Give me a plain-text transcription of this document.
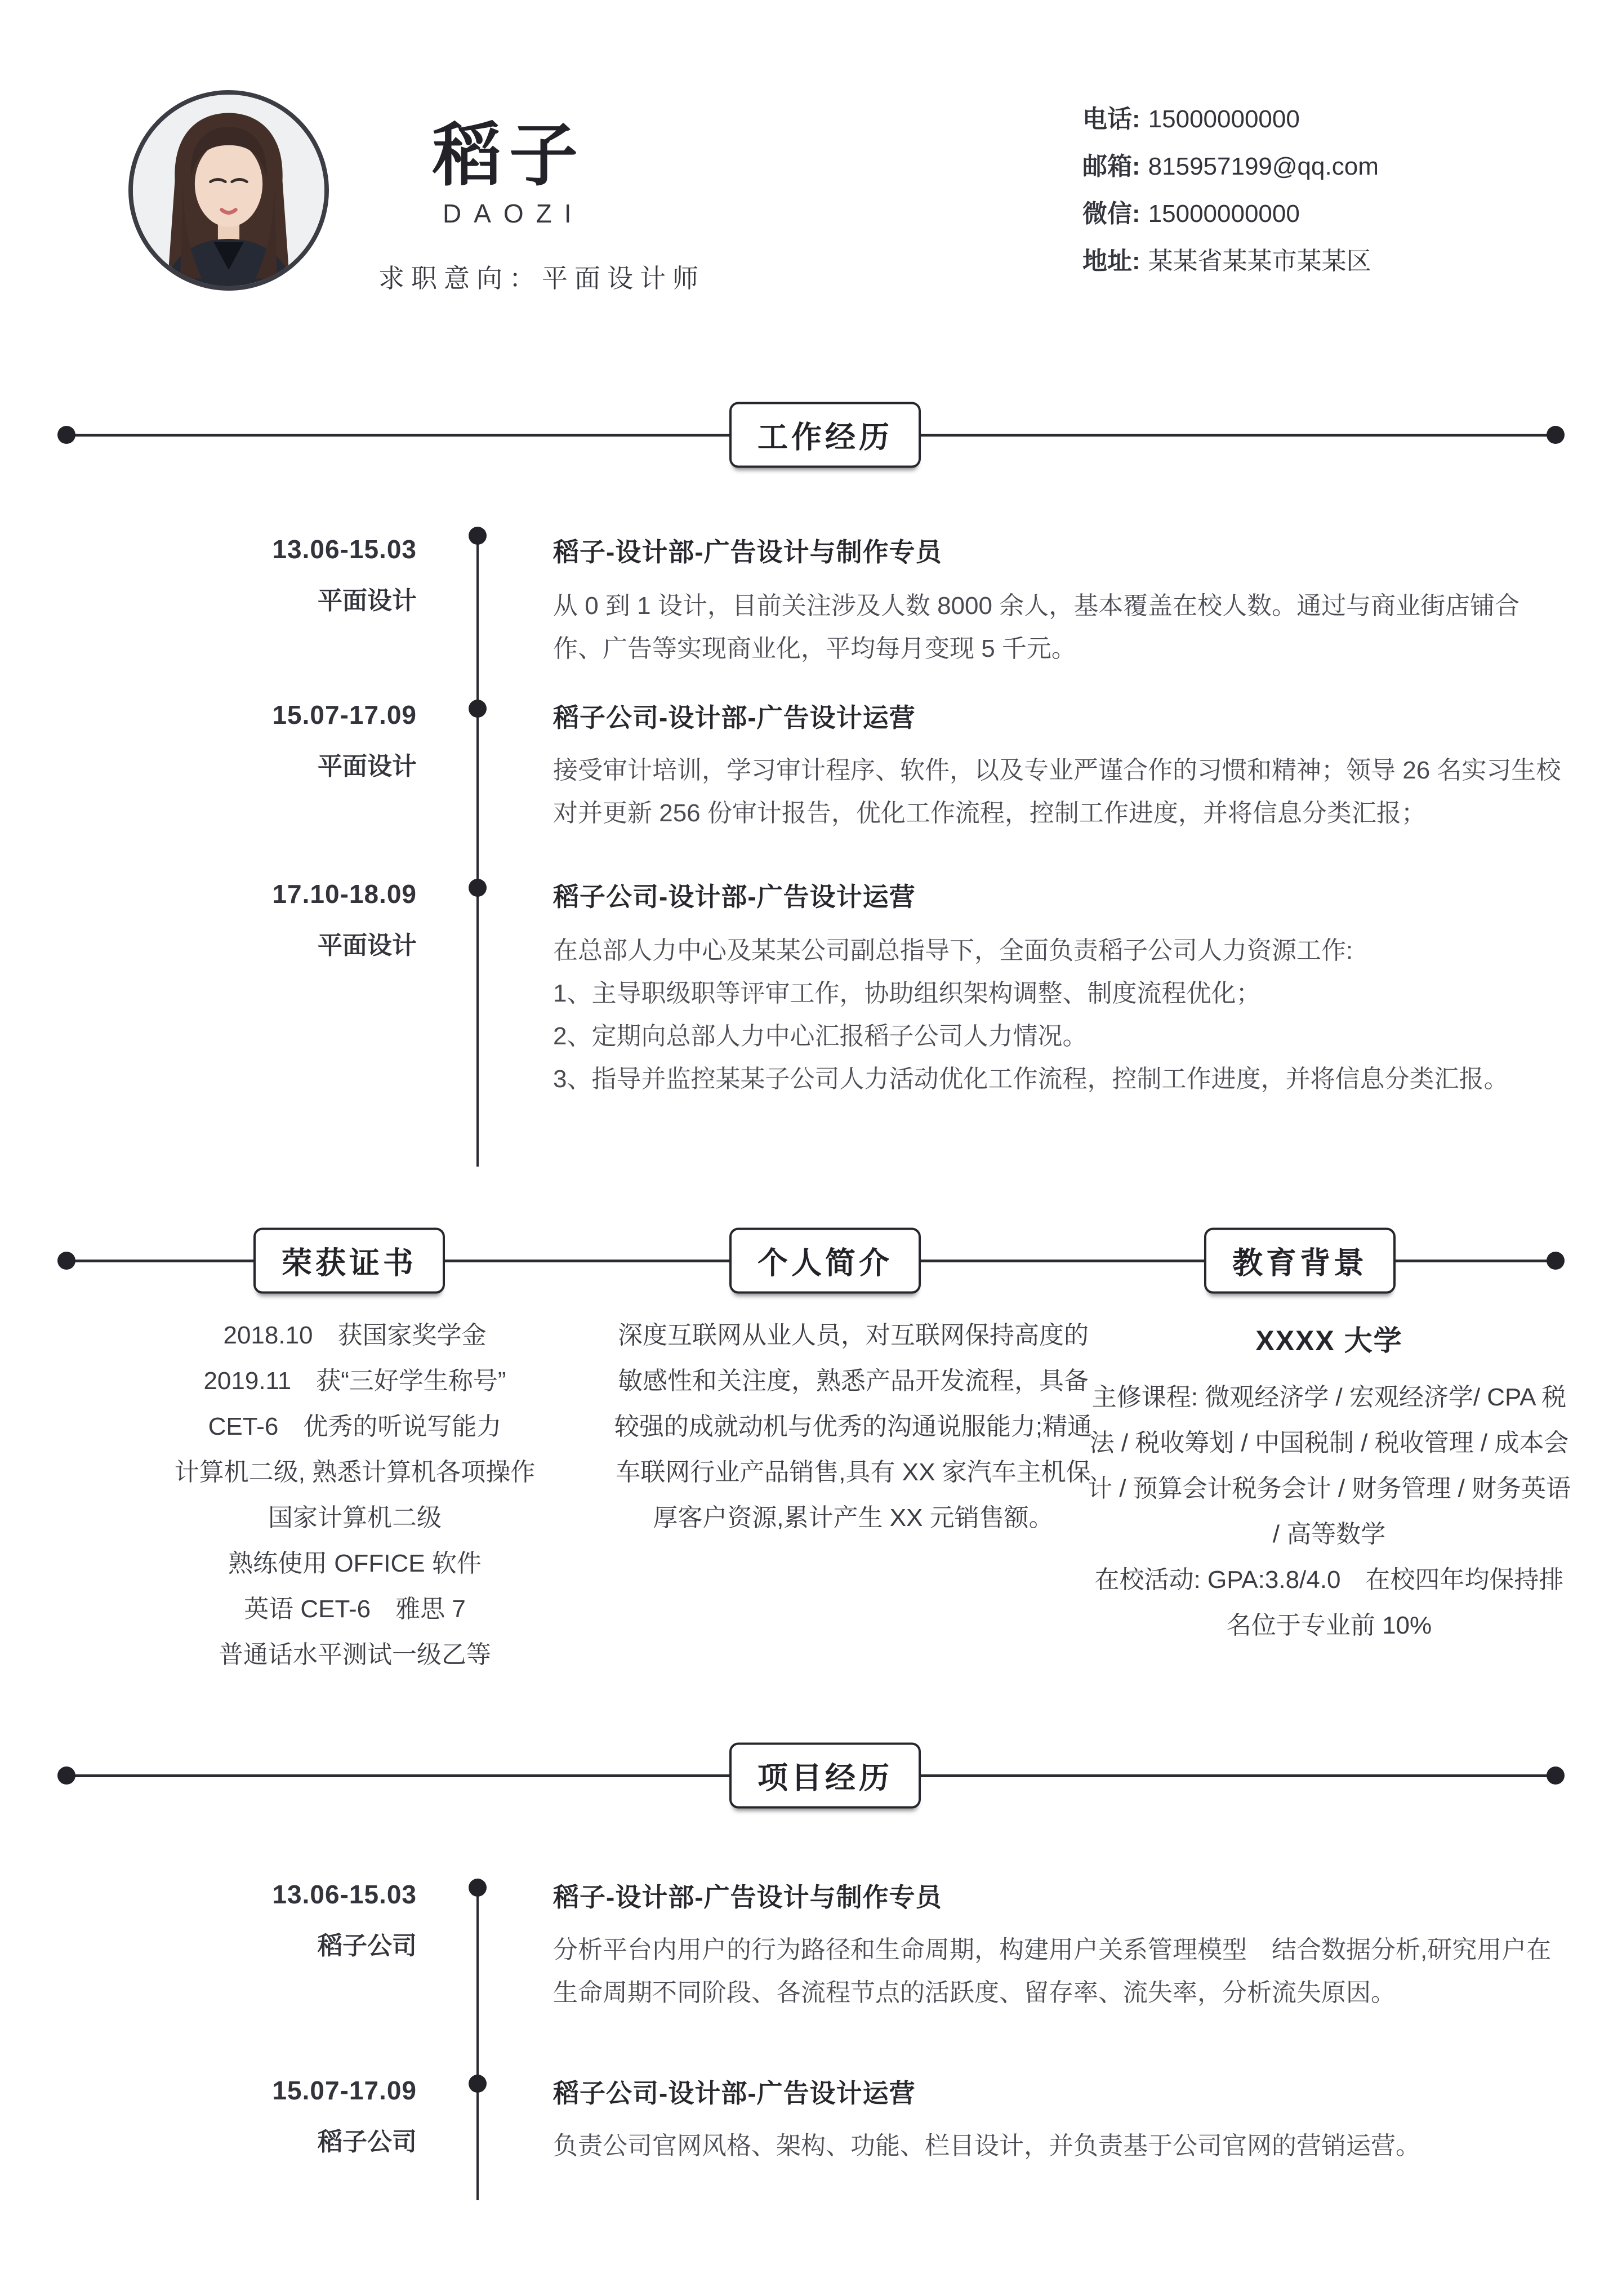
稻子
DAOZI
求职意向：平面设计师
电话: 15000000000
邮箱: 815957199@qq.com
微信: 15000000000
地址: 某某省某某市某某区
工作经历
13.06-15.03
平面设计
稻子-设计部-广告设计与制作专员
从 0 到 1 设计，目前关注涉及人数 8000 余人，基本覆盖在校人数。通过与商业街店铺合作、广告等实现商业化，平均每月变现 5 千元。
15.07-17.09
平面设计
稻子公司-设计部-广告设计运营
接受审计培训，学习审计程序、软件，以及专业严谨合作的习惯和精神；领导 26 名实习生校对并更新 256 份审计报告，优化工作流程，控制工作进度，并将信息分类汇报；
17.10-18.09
平面设计
稻子公司-设计部-广告设计运营
在总部人力中心及某某公司副总指导下，全面负责稻子公司人力资源工作:
1、主导职级职等评审工作，协助组织架构调整、制度流程优化；
2、定期向总部人力中心汇报稻子公司人力情况。
3、指导并监控某某子公司人力活动优化工作流程，控制工作进度，并将信息分类汇报。
荣获证书	个人简介	教育背景
2018.10　获国家奖学金
2019.11　获“三好学生称号”
CET-6　优秀的听说写能力
计算机二级, 熟悉计算机各项操作
国家计算机二级
熟练使用 OFFICE 软件
英语 CET-6　雅思 7
普通话水平测试一级乙等
深度互联网从业人员，对互联网保持高度的敏感性和关注度，熟悉产品开发流程，具备较强的成就动机与优秀的沟通说服能力;精通车联网行业产品销售,具有 XX 家汽车主机保厚客户资源,累计产生 XX 元销售额。
XXXX 大学
主修课程: 微观经济学 / 宏观经济学/ CPA 税法 / 税收筹划 / 中国税制 / 税收管理 / 成本会计 / 预算会计税务会计 / 财务管理 / 财务英语 / 高等数学
在校活动: GPA:3.8/4.0　在校四年均保持排名位于专业前 10%
项目经历
13.06-15.03
稻子公司
稻子-设计部-广告设计与制作专员
分析平台内用户的行为路径和生命周期，构建用户关系管理模型　结合数据分析,研究用户在生命周期不同阶段、各流程节点的活跃度、留存率、流失率，分析流失原因。
15.07-17.09
稻子公司
稻子公司-设计部-广告设计运营
负责公司官网风格、架构、功能、栏目设计，并负责基于公司官网的营销运营。
